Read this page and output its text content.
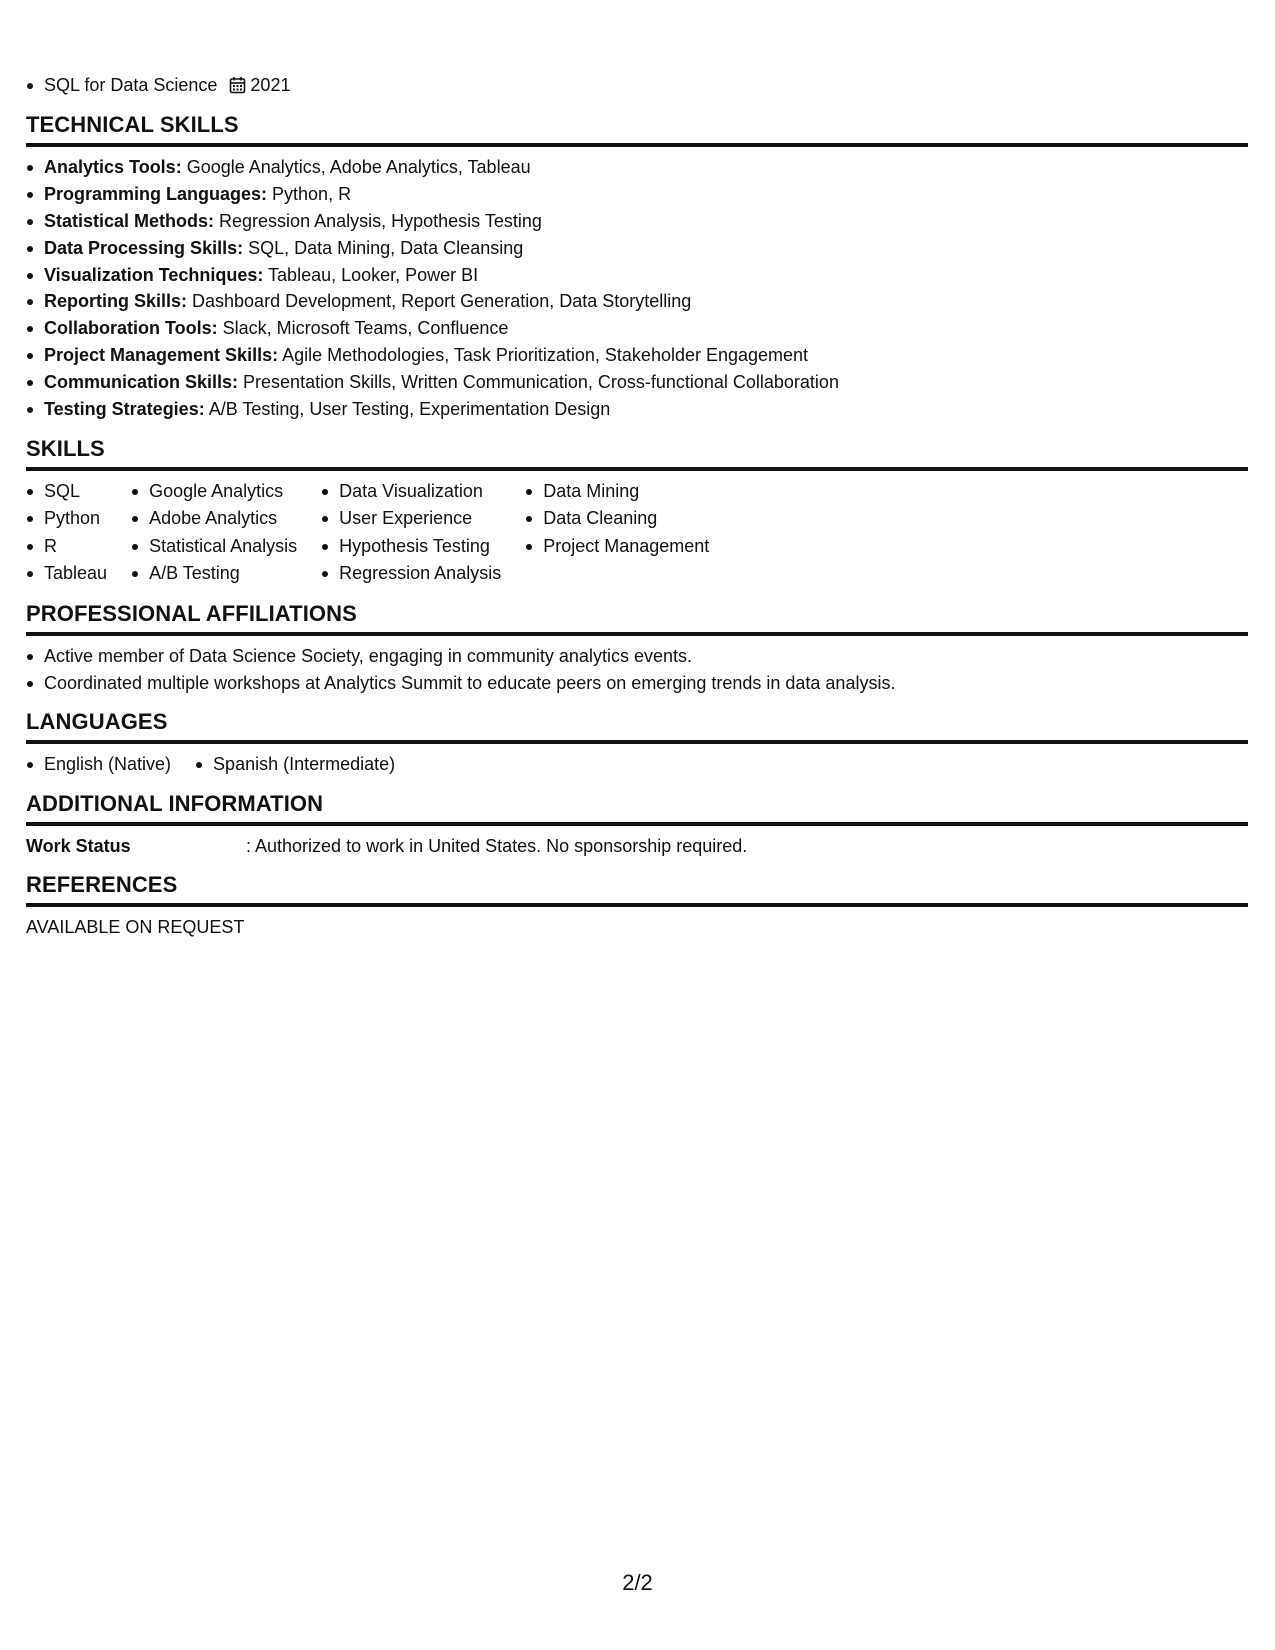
SQL for Data Science 2021
TECHNICAL SKILLS
Analytics Tools: Google Analytics, Adobe Analytics, Tableau
Programming Languages: Python, R
Statistical Methods: Regression Analysis, Hypothesis Testing
Data Processing Skills: SQL, Data Mining, Data Cleansing
Visualization Techniques: Tableau, Looker, Power BI
Reporting Skills: Dashboard Development, Report Generation, Data Storytelling
Collaboration Tools: Slack, Microsoft Teams, Confluence
Project Management Skills: Agile Methodologies, Task Prioritization, Stakeholder Engagement
Communication Skills: Presentation Skills, Written Communication, Cross-functional Collaboration
Testing Strategies: A/B Testing, User Testing, Experimentation Design
SKILLS
SQL
Python
R
Tableau
Google Analytics
Adobe Analytics
Statistical Analysis
A/B Testing
Data Visualization
User Experience
Hypothesis Testing
Regression Analysis
Data Mining
Data Cleaning
Project Management
PROFESSIONAL AFFILIATIONS
Active member of Data Science Society, engaging in community analytics events.
Coordinated multiple workshops at Analytics Summit to educate peers on emerging trends in data analysis.
LANGUAGES
English (Native)	Spanish (Intermediate)
ADDITIONAL INFORMATION
Work Status	: Authorized to work in United States. No sponsorship required.
REFERENCES
AVAILABLE ON REQUEST
2/2
